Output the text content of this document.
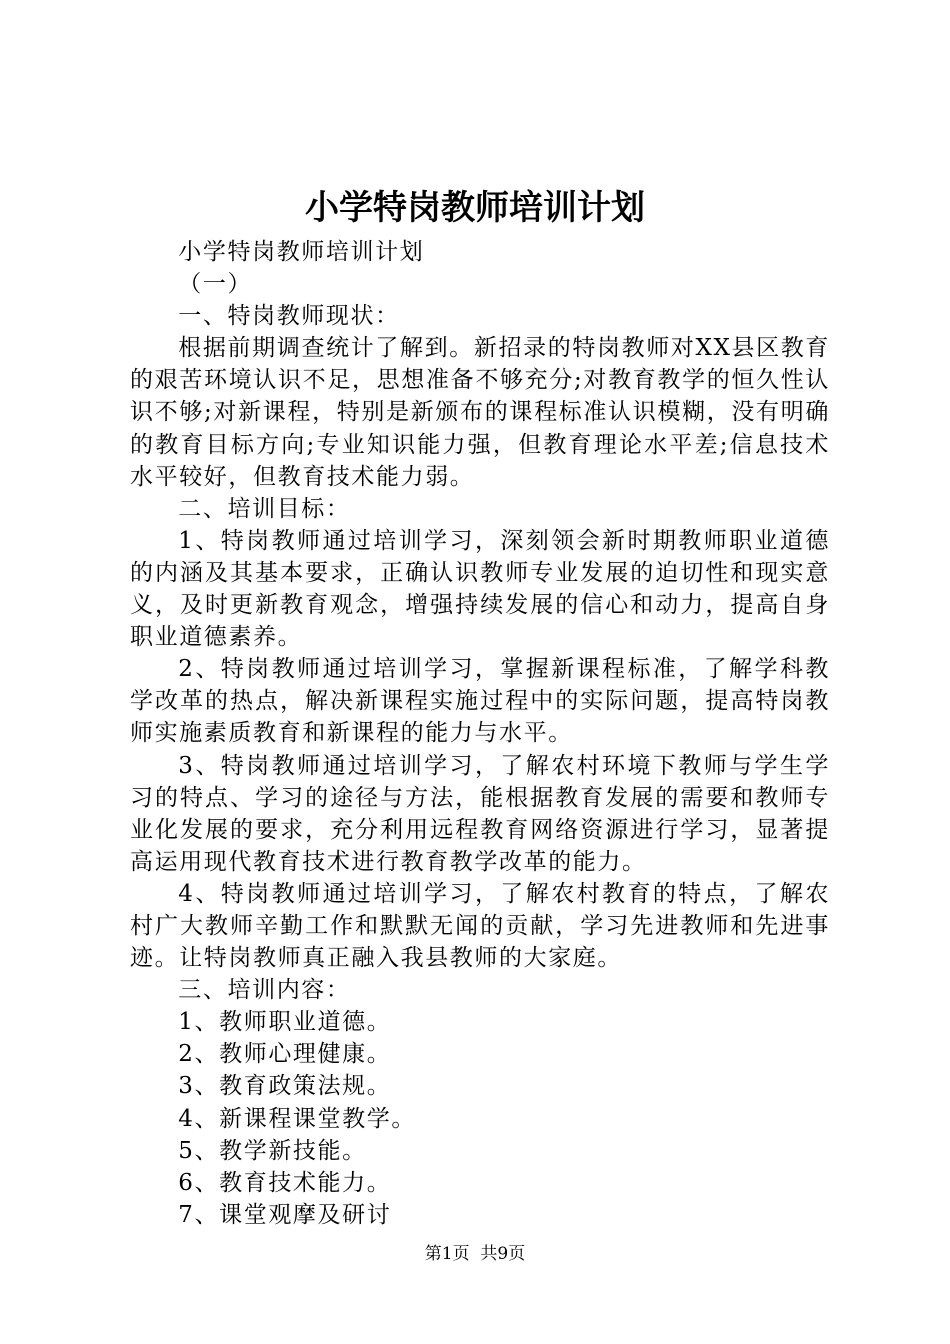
小学特岗教师培训计划

小学特岗教师培训计划

（一）

一、特岗教师现状：

根据前期调查统计了解到。新招录的特岗教师对XX县区教育的艰苦环境认识不足，思想准备不够充分;对教育教学的恒久性认识不够;对新课程，特别是新颁布的课程标准认识模糊，没有明确的教育目标方向;专业知识能力强，但教育理论水平差;信息技术水平较好，但教育技术能力弱。

二、培训目标：

1、特岗教师通过培训学习，深刻领会新时期教师职业道德的内涵及其基本要求，正确认识教师专业发展的迫切性和现实意义，及时更新教育观念，增强持续发展的信心和动力，提高自身职业道德素养。

2、特岗教师通过培训学习，掌握新课程标准，了解学科教学改革的热点，解决新课程实施过程中的实际问题，提高特岗教师实施素质教育和新课程的能力与水平。

3、特岗教师通过培训学习，了解农村环境下教师与学生学习的特点、学习的途径与方法，能根据教育发展的需要和教师专业化发展的要求，充分利用远程教育网络资源进行学习，显著提高运用现代教育技术进行教育教学改革的能力。

4、特岗教师通过培训学习，了解农村教育的特点，了解农村广大教师辛勤工作和默默无闻的贡献，学习先进教师和先进事迹。让特岗教师真正融入我县教师的大家庭。

三、培训内容：

1、教师职业道德。

2、教师心理健康。

3、教育政策法规。

4、新课程课堂教学。

5、教学新技能。

6、教育技术能力。

7、课堂观摩及研讨

第1页 共9页
